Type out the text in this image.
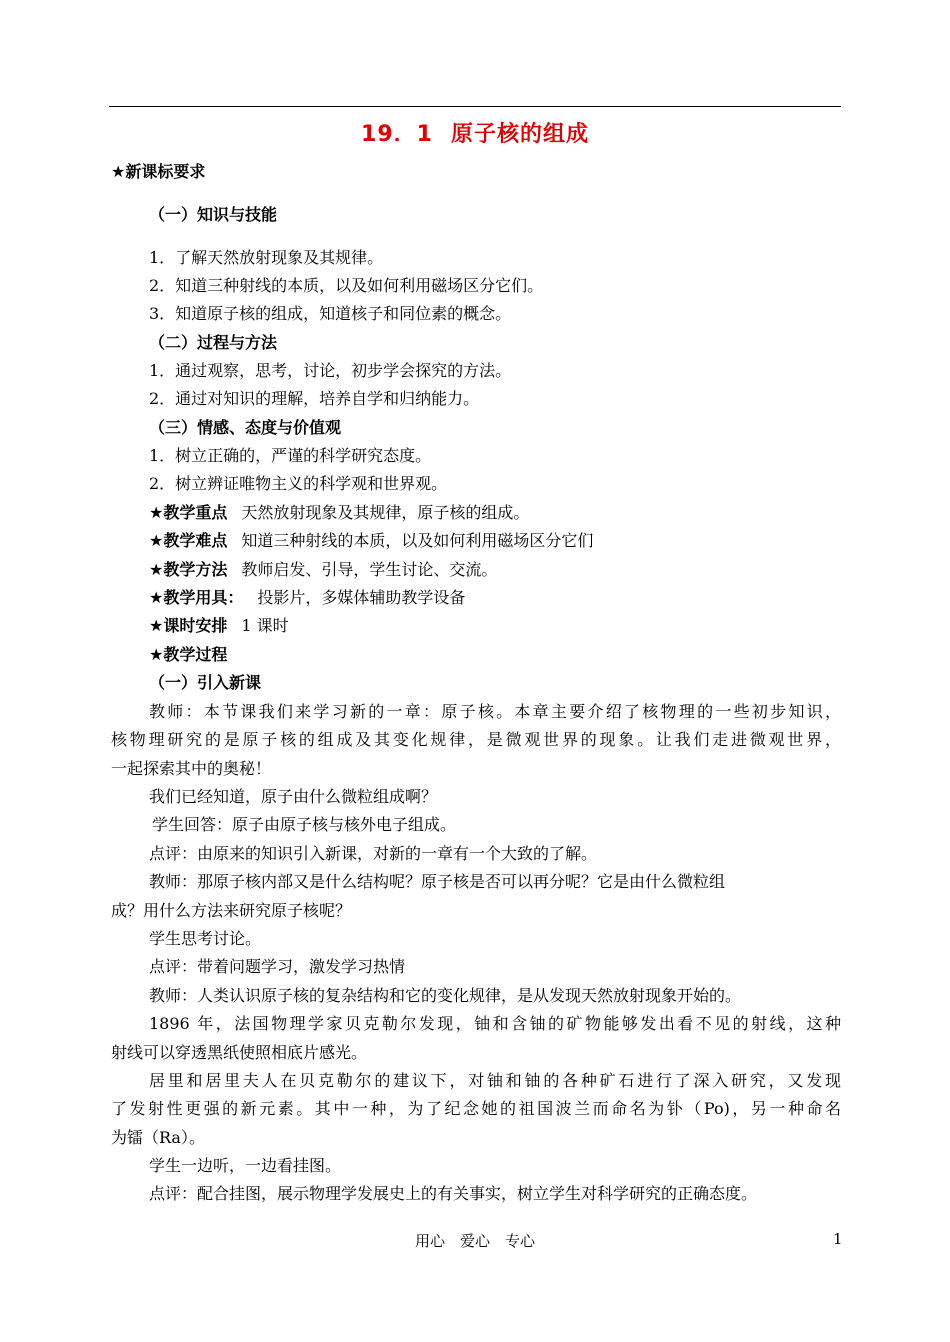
19．1 原子核的组成
★新课标要求
（一）知识与技能
1．了解天然放射现象及其规律。
2．知道三种射线的本质，以及如何利用磁场区分它们。
3．知道原子核的组成，知道核子和同位素的概念。
（二）过程与方法
1．通过观察，思考，讨论，初步学会探究的方法。
2．通过对知识的理解，培养自学和归纳能力。
（三）情感、态度与价值观
1．树立正确的，严谨的科学研究态度。
2．树立辨证唯物主义的科学观和世界观。
★教学重点 天然放射现象及其规律，原子核的组成。
★教学难点 知道三种射线的本质，以及如何利用磁场区分它们
★教学方法 教师启发、引导，学生讨论、交流。
★教学用具： 投影片，多媒体辅助教学设备
★课时安排 1 课时
★教学过程
（一）引入新课
教师：本节课我们来学习新的一章：原子核。本章主要介绍了核物理的一些初步知识，
核物理研究的是原子核的组成及其变化规律，是微观世界的现象。让我们走进微观世界，
一起探索其中的奥秘！
我们已经知道，原子由什么微粒组成啊？
学生回答：原子由原子核与核外电子组成。
点评：由原来的知识引入新课，对新的一章有一个大致的了解。
教师：那原子核内部又是什么结构呢？原子核是否可以再分呢？它是由什么微粒组
成？用什么方法来研究原子核呢？
学生思考讨论。
点评：带着问题学习，激发学习热情
教师：人类认识原子核的复杂结构和它的变化规律，是从发现天然放射现象开始的。
1896 年，法国物理学家贝克勒尔发现，铀和含铀的矿物能够发出看不见的射线，这种
射线可以穿透黑纸使照相底片感光。
居里和居里夫人在贝克勒尔的建议下，对铀和铀的各种矿石进行了深入研究，又发现
了发射性更强的新元素。其中一种，为了纪念她的祖国波兰而命名为钋（Po)，另一种命名
为镭（Ra）。
学生一边听，一边看挂图。
点评：配合挂图，展示物理学发展史上的有关事实，树立学生对科学研究的正确态度。
用心　爱心　专心	1
